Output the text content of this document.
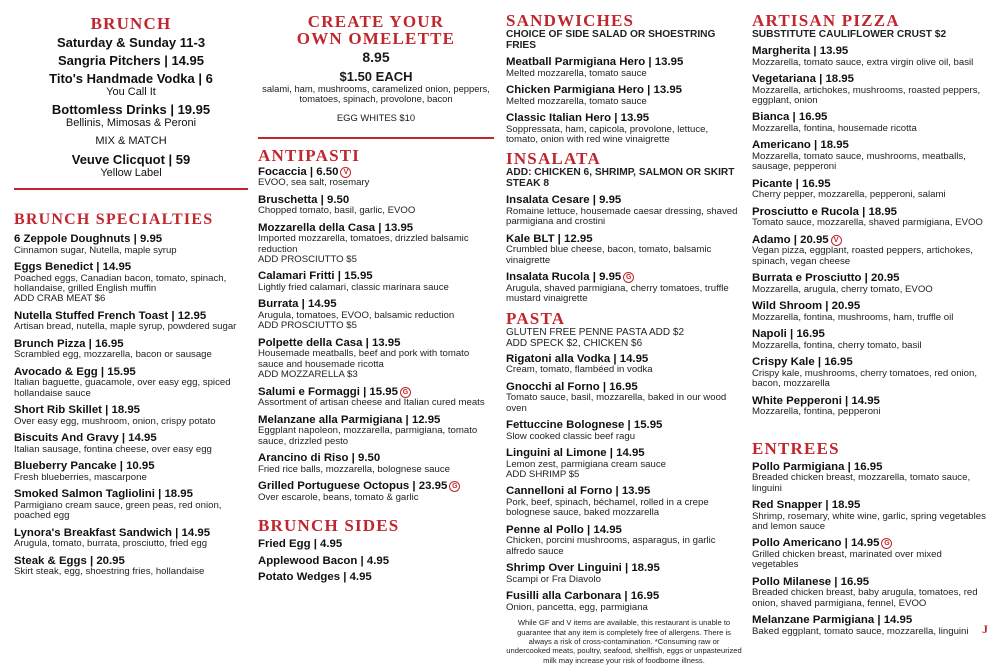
BRUNCH
Saturday & Sunday 11-3
Sangria Pitchers | 14.95
Tito's Handmade Vodka | 6
You Call It
Bottomless Drinks | 19.95
Bellinis, Mimosas & Peroni
MIX & MATCH
Veuve Clicquot | 59
Yellow Label
BRUNCH SPECIALTIES
6 Zeppole Doughnuts | 9.95
Cinnamon sugar, Nutella, maple syrup
Eggs Benedict | 14.95
Poached eggs, Canadian bacon, tomato, spinach, hollandaise, grilled English muffin
ADD CRAB MEAT $6
Nutella Stuffed French Toast | 12.95
Artisan bread, nutella, maple syrup, powdered sugar
Brunch Pizza | 16.95
Scrambled egg, mozzarella, bacon or sausage
Avocado & Egg | 15.95
Italian baguette, guacamole, over easy egg, spiced hollandaise sauce
Short Rib Skillet | 18.95
Over easy egg, mushroom, onion, crispy potato
Biscuits And Gravy | 14.95
Italian sausage, fontina cheese, over easy egg
Blueberry Pancake | 10.95
Fresh blueberries, mascarpone
Smoked Salmon Tagliolini | 18.95
Parmigiano cream sauce, green peas, red onion, poached egg
Lynora's Breakfast Sandwich | 14.95
Arugula, tomato, burrata, prosciutto, fried egg
Steak & Eggs | 20.95
Skirt steak, egg, shoestring fries, hollandaise
CREATE YOUR
OWN OMELETTE
8.95
$1.50 EACH
salami, ham, mushrooms, caramelized onion, peppers, tomatoes, spinach, provolone, bacon
EGG WHITES $10
ANTIPASTI
Focaccia | 6.50 V
EVOO, sea salt, rosemary
Bruschetta | 9.50
Chopped tomato, basil, garlic, EVOO
Mozzarella della Casa | 13.95
Imported mozzarella, tomatoes, drizzled balsamic reduction
ADD PROSCIUTTO $5
Calamari Fritti | 15.95
Lightly fried calamari, classic marinara sauce
Burrata | 14.95
Arugula, tomatoes, EVOO, balsamic reduction
ADD PROSCIUTTO $5
Polpette della Casa | 13.95
Housemade meatballs, beef and pork with tomato sauce and housemade ricotta
ADD MOZZARELLA $3
Salumi e Formaggi | 15.95 G
Assortment of artisan cheese and Italian cured meats
Melanzane alla Parmigiana | 12.95
Eggplant napoleon, mozzarella, parmigiana, tomato sauce, drizzled pesto
Arancino di Riso | 9.50
Fried rice balls, mozzarella, bolognese sauce
Grilled Portuguese Octopus | 23.95 G
Over escarole, beans, tomato & garlic
BRUNCH SIDES
Fried Egg | 4.95
Applewood Bacon | 4.95
Potato Wedges | 4.95
SANDWICHES
CHOICE OF SIDE SALAD OR SHOESTRING FRIES
Meatball Parmigiana Hero | 13.95
Melted mozzarella, tomato sauce
Chicken Parmigiana Hero | 13.95
Melted mozzarella, tomato sauce
Classic Italian Hero | 13.95
Soppressata, ham, capicola, provolone, lettuce, tomato, onion with red wine vinaigrette
INSALATA
ADD: CHICKEN 6, SHRIMP, SALMON OR SKIRT STEAK 8
Insalata Cesare | 9.95
Romaine lettuce, housemade caesar dressing, shaved parmigiana and crostini
Kale BLT | 12.95
Crumbled blue cheese, bacon, tomato, balsamic vinaigrette
Insalata Rucola | 9.95 G
Arugula, shaved parmigiana, cherry tomatoes, truffle mustard vinaigrette
PASTA
GLUTEN FREE PENNE PASTA ADD $2
ADD SPECK $2, CHICKEN $6
Rigatoni alla Vodka | 14.95
Cream, tomato, flambéed in vodka
Gnocchi al Forno | 16.95
Tomato sauce, basil, mozzarella, baked in our wood oven
Fettuccine Bolognese | 15.95
Slow cooked classic beef ragu
Linguini al Limone | 14.95
Lemon zest, parmigiana cream sauce
ADD SHRIMP $5
Cannelloni al Forno | 13.95
Pork, beef, spinach, béchamel, rolled in a crepe bolognese sauce, baked mozzarella
Penne al Pollo | 14.95
Chicken, porcini mushrooms, asparagus, in garlic alfredo sauce
Shrimp Over Linguini | 18.95
Scampi or Fra Diavolo
Fusilli alla Carbonara | 16.95
Onion, pancetta, egg, parmigiana
While GF and V items are available, this restaurant is unable to guarantee that any item is completely free of allergens. There is always a risk of cross-contamination. *Consuming raw or undercooked meats, poultry, seafood, shellfish, eggs or unpasteurized milk may increase your risk of foodborne illness.
ARTISAN PIZZA
SUBSTITUTE CAULIFLOWER CRUST $2
Margherita | 13.95
Mozzarella, tomato sauce, extra virgin olive oil, basil
Vegetariana | 18.95
Mozzarella, artichokes, mushrooms, roasted peppers, eggplant, onion
Bianca | 16.95
Mozzarella, fontina, housemade ricotta
Americano | 18.95
Mozzarella, tomato sauce, mushrooms, meatballs, sausage, pepperoni
Picante | 16.95
Cherry pepper, mozzarella, pepperoni, salami
Prosciutto e Rucola | 18.95
Tomato sauce, mozzarella, shaved parmigiana, EVOO
Adamo | 20.95 V
Vegan pizza, eggplant, roasted peppers, artichokes, spinach, vegan cheese
Burrata e Prosciutto | 20.95
Mozzarella, arugula, cherry tomato, EVOO
Wild Shroom | 20.95
Mozzarella, fontina, mushrooms, ham, truffle oil
Napoli | 16.95
Mozzarella, fontina, cherry tomato, basil
Crispy Kale | 16.95
Crispy kale, mushrooms, cherry tomatoes, red onion, bacon, mozzarella
White Pepperoni | 14.95
Mozzarella, fontina, pepperoni
ENTREES
Pollo Parmigiana | 16.95
Breaded chicken breast, mozzarella, tomato sauce, linguini
Red Snapper | 18.95
Shrimp, rosemary, white wine, garlic, spring vegetables and lemon sauce
Pollo Americano | 14.95 G
Grilled chicken breast, marinated over mixed vegetables
Pollo Milanese | 16.95
Breaded chicken breast, baby arugula, tomatoes, red onion, shaved parmigiana, fennel, EVOO
Melanzane Parmigiana | 14.95
Baked eggplant, tomato sauce, mozzarella, linguini	J
